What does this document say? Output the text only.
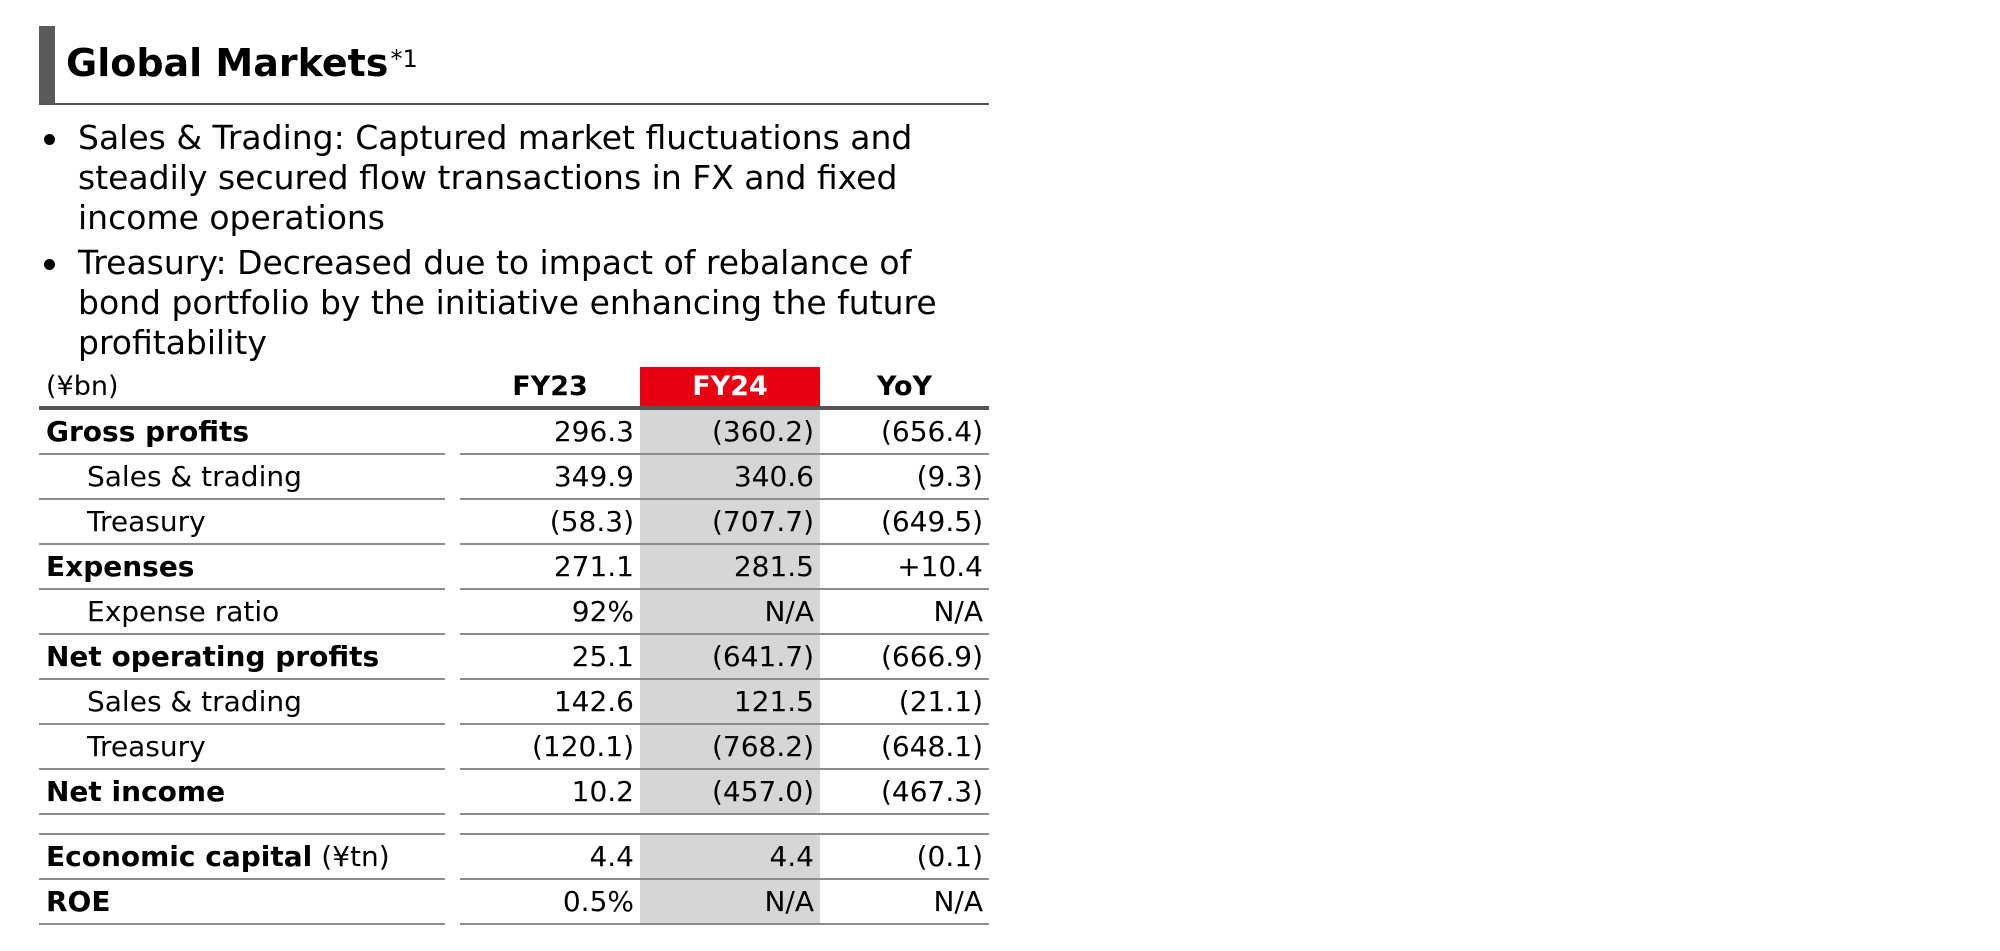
Global Markets$^{*1}$
Sales & Trading: Captured market fluctuations and steadily secured flow transactions in FX and fixed income operations
Treasury: Decreased due to impact of rebalance of bond portfolio by the initiative enhancing the future profitability
(¥bn)	FY23	FY24	YoY
Gross profits	296.3	(360.2)	(656.4)
Sales & trading	349.9	340.6	(9.3)
Treasury	(58.3)	(707.7)	(649.5)
Expenses	271.1	281.5	+10.4
Expense ratio	92%	N/A	N/A
Net operating profits	25.1	(641.7)	(666.9)
Sales & trading	142.6	121.5	(21.1)
Treasury	(120.1)	(768.2)	(648.1)
Net income	10.2	(457.0)	(467.3)
Economic capital (¥tn)	4.4	4.4	(0.1)
ROE	0.5%	N/A	N/A
